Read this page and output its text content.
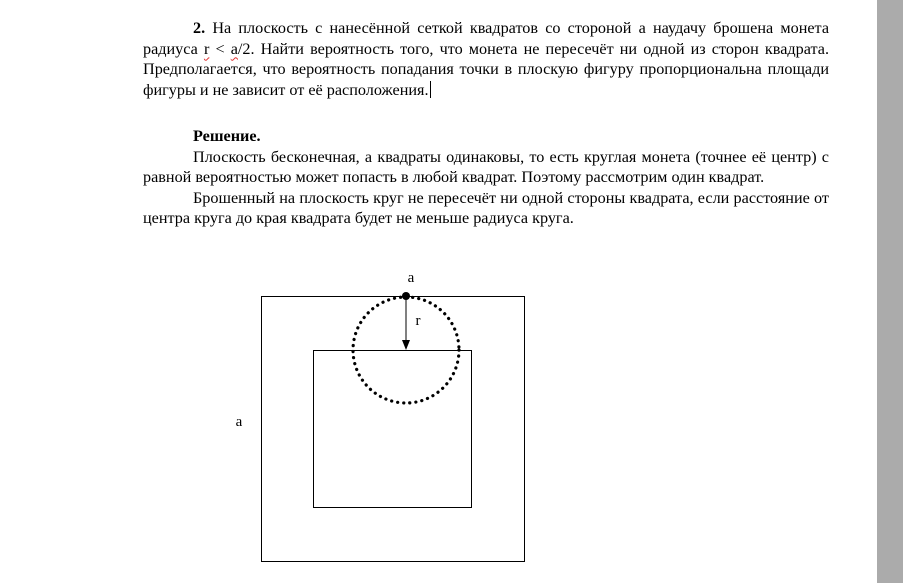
2. На плоскость с нанесённой сеткой квадратов со стороной a наудачу брошена монета радиуса r < a/2. Найти вероятность того, что монета не пересечёт ни одной из сторон квадрата. Предполагается, что вероятность попадания точки в плоскую фигуру пропорциональна площади фигуры и не зависит от её расположения.

Решение.

Плоскость бесконечная, а квадраты одинаковы, то есть круглая монета (точнее её центр) с равной вероятностью может попасть в любой квадрат. Поэтому рассмотрим один квадрат.

Брошенный на плоскость круг не пересечёт ни одной стороны квадрата, если расстояние от центра круга до края квадрата будет не меньше радиуса круга.

a
r
a
